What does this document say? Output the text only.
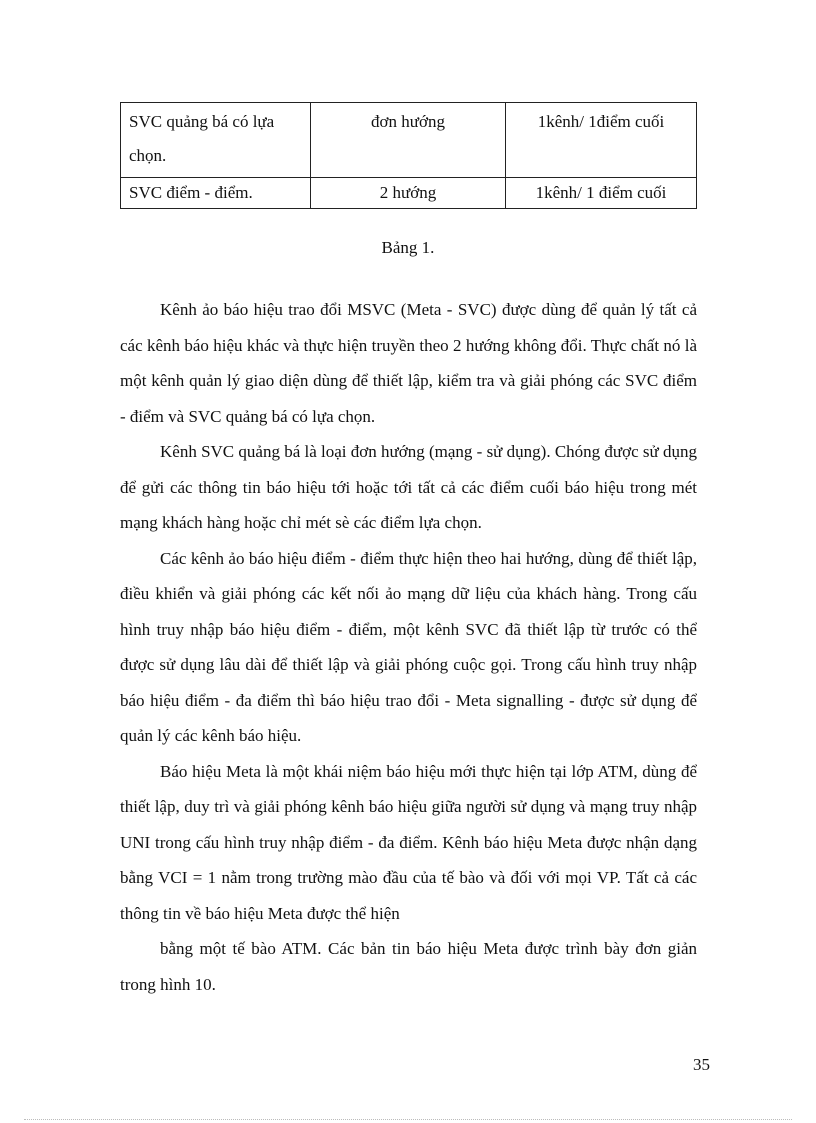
SVC quảng bá có lựa chọn.	đơn hướng	1kênh/ 1điểm cuối
SVC điểm - điểm.	2 hướng	1kênh/ 1 điểm cuối
Bảng 1.

Kênh ảo báo hiệu trao đổi MSVC (Meta - SVC) được dùng để quản lý tất cả các kênh báo hiệu khác và thực hiện truyền theo 2 hướng không đổi. Thực chất nó là một kênh quản lý giao diện dùng để thiết lập, kiểm tra và giải phóng các SVC điểm - điểm và SVC quảng bá có lựa chọn.

Kênh SVC quảng bá là loại đơn hướng (mạng - sử dụng). Chóng được sử dụng để gửi các thông tin báo hiệu tới hoặc tới tất cả các điểm cuối báo hiệu trong mét mạng khách hàng hoặc chỉ mét sè các điểm lựa chọn.

Các kênh ảo báo hiệu điểm - điểm thực hiện theo hai hướng, dùng để thiết lập, điều khiển và giải phóng các kết nối ảo mạng dữ liệu của khách hàng. Trong cấu hình truy nhập báo hiệu điểm - điểm, một kênh SVC đã thiết lập từ trước có thể được sử dụng lâu dài để thiết lập và giải phóng cuộc gọi. Trong cấu hình truy nhập báo hiệu điểm - đa điểm thì báo hiệu trao đổi - Meta signalling - được sử dụng để quản lý các kênh báo hiệu.

Báo hiệu Meta là một khái niệm báo hiệu mới thực hiện tại lớp ATM, dùng để thiết lập, duy trì và giải phóng kênh báo hiệu giữa người sử dụng và mạng truy nhập UNI trong cấu hình truy nhập điểm - đa điểm. Kênh báo hiệu Meta được nhận dạng bằng VCI = 1 nằm trong trường mào đầu của tế bào và đối với mọi VP. Tất cả các thông tin về báo hiệu Meta được thể hiện

bằng một tế bào ATM. Các bản tin báo hiệu Meta được trình bày đơn giản trong hình 10.

35
